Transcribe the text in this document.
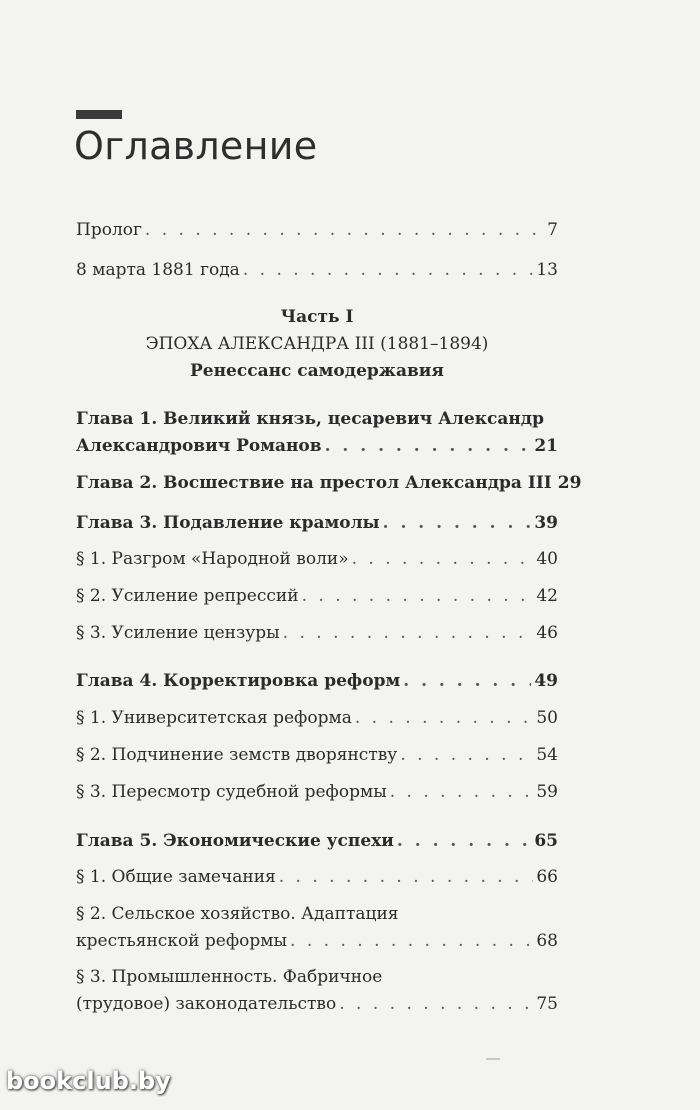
Оглавление
Пролог . . .	7
8 марта 1881 года . . .	13
Часть I
ЭПОХА АЛЕКСАНДРА III (1881–1894)
Ренессанс самодержавия
Глава 1. Великий князь, цесаревич Александр
Александрович Романов . . .	21
Глава 2. Восшествие на престол Александра III 29
Глава 3. Подавление крамолы . . .	39
§ 1. Разгром «Народной воли» . . .	40
§ 2. Усиление репрессий . . .	42
§ 3. Усиление цензуры . . .	46
Глава 4. Корректировка реформ . . .	49
§ 1. Университетская реформа . . .	50
§ 2. Подчинение земств дворянству . . .	54
§ 3. Пересмотр судебной реформы . . .	59
Глава 5. Экономические успехи . . .	65
§ 1. Общие замечания . . .	66
§ 2. Сельское хозяйство. Адаптация
крестьянской реформы . . .	68
§ 3. Промышленность. Фабричное
(трудовое) законодательство . . .	75
bookclub.by
